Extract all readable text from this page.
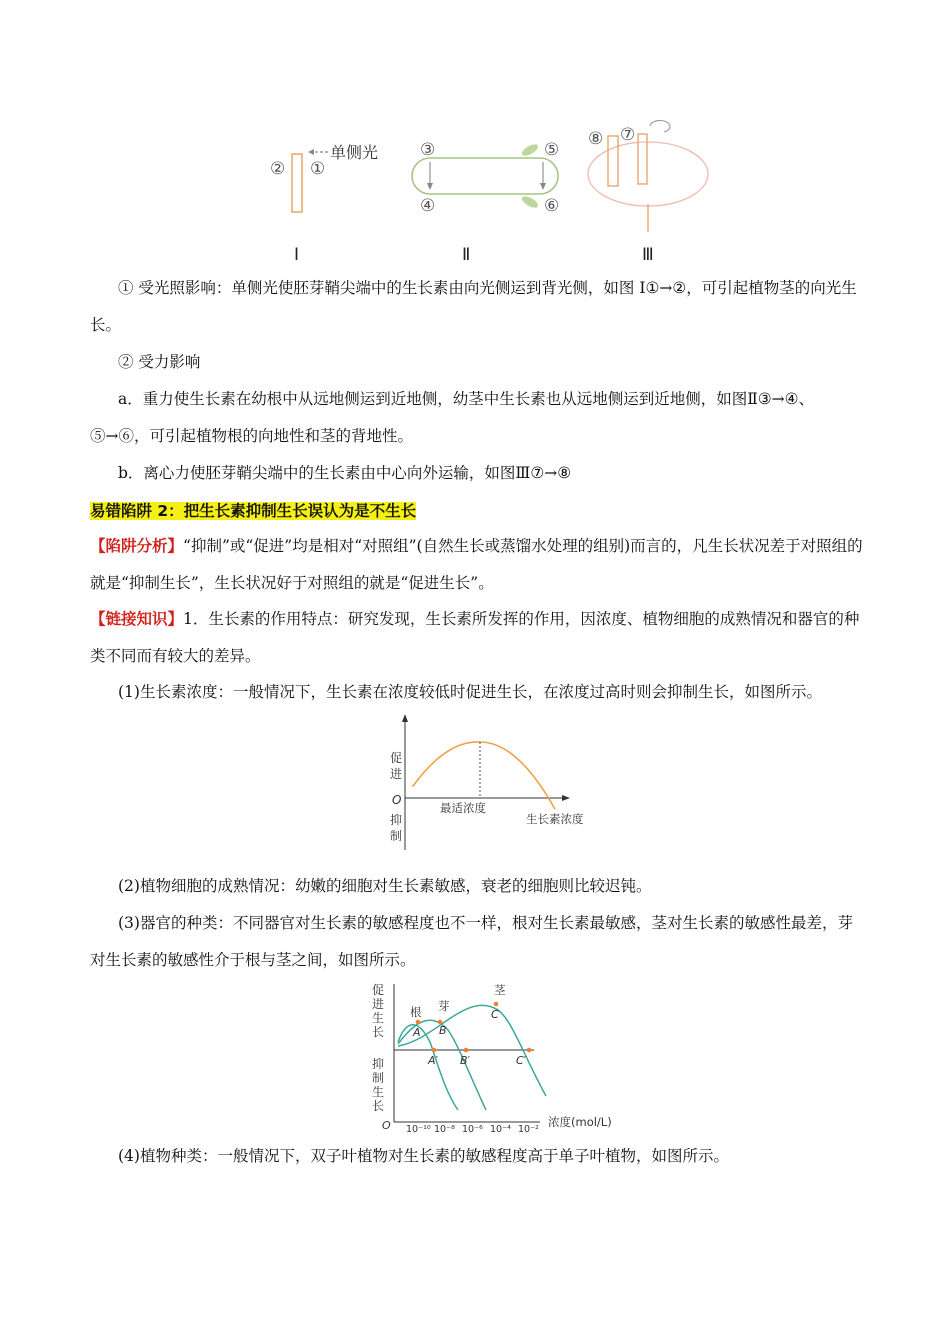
② ①
单侧光
Ⅰ
③
④
⑤
⑥
Ⅱ
⑧ ⑦
Ⅲ

① 受光照影响：单侧光使胚芽鞘尖端中的生长素由向光侧运到背光侧，如图 Ⅰ①→②，可引起植物茎的向光生长。

② 受力影响

a．重力使生长素在幼根中从远地侧运到近地侧，幼茎中生长素也从远地侧运到近地侧，如图Ⅱ③→④、⑤→⑥，可引起植物根的向地性和茎的背地性。

b．离心力使胚芽鞘尖端中的生长素由中心向外运输，如图Ⅲ⑦→⑧

易错陷阱 2：把生长素抑制生长误认为是不生长

【陷阱分析】“抑制”或“促进”均是相对“对照组”(自然生长或蒸馏水处理的组别)而言的，凡生长状况差于对照组的就是“抑制生长”，生长状况好于对照组的就是“促进生长”。

【链接知识】1．生长素的作用特点：研究发现，生长素所发挥的作用，因浓度、植物细胞的成熟情况和器官的种类不同而有较大的差异。

(1)生长素浓度：一般情况下，生长素在浓度较低时促进生长，在浓度过高时则会抑制生长，如图所示。

促进
抑制
O
最适浓度
生长素浓度

(2)植物细胞的成熟情况：幼嫩的细胞对生长素敏感，衰老的细胞则比较迟钝。

(3)器官的种类：不同器官对生长素的敏感程度也不一样，根对生长素最敏感，茎对生长素的敏感性最差，芽对生长素的敏感性介于根与茎之间，如图所示。

促
进
生
长
抑
制
生
长
O
根 芽
茎
A B
C
A′ B′	C′
10⁻¹⁰ 10⁻⁸ 10⁻⁶ 10⁻⁴ 10⁻²
浓度(mol/L)

(4)植物种类：一般情况下，双子叶植物对生长素的敏感程度高于单子叶植物，如图所示。
